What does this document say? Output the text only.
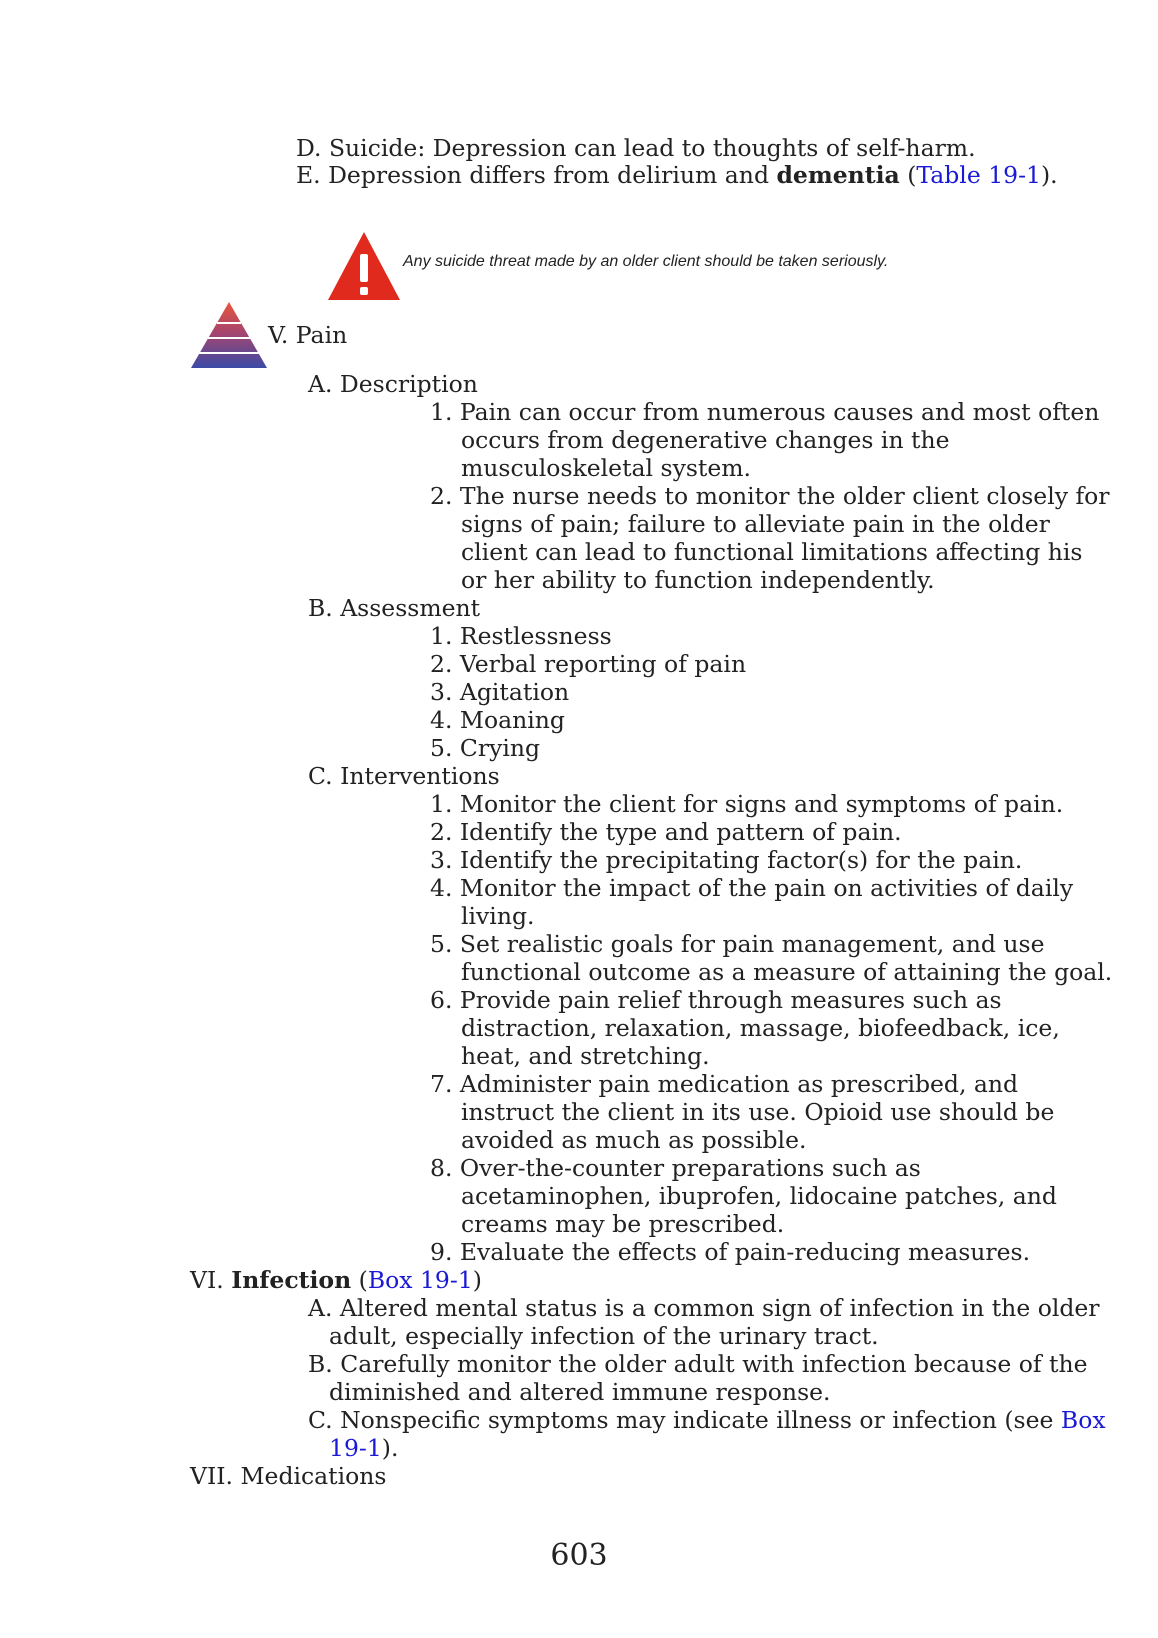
D. Suicide: Depression can lead to thoughts of self-harm.
E. Depression differs from delirium and dementia (Table 19-1).
Any suicide threat made by an older client should be taken seriously.
V. Pain
A. Description
1. Pain can occur from numerous causes and most often
occurs from degenerative changes in the
musculoskeletal system.
2. The nurse needs to monitor the older client closely for
signs of pain; failure to alleviate pain in the older
client can lead to functional limitations affecting his
or her ability to function independently.
B. Assessment
1. Restlessness
2. Verbal reporting of pain
3. Agitation
4. Moaning
5. Crying
C. Interventions
1. Monitor the client for signs and symptoms of pain.
2. Identify the type and pattern of pain.
3. Identify the precipitating factor(s) for the pain.
4. Monitor the impact of the pain on activities of daily
living.
5. Set realistic goals for pain management, and use
functional outcome as a measure of attaining the goal.
6. Provide pain relief through measures such as
distraction, relaxation, massage, biofeedback, ice,
heat, and stretching.
7. Administer pain medication as prescribed, and
instruct the client in its use. Opioid use should be
avoided as much as possible.
8. Over-the-counter preparations such as
acetaminophen, ibuprofen, lidocaine patches, and
creams may be prescribed.
9. Evaluate the effects of pain-reducing measures.
VI. Infection (Box 19-1)
A. Altered mental status is a common sign of infection in the older
adult, especially infection of the urinary tract.
B. Carefully monitor the older adult with infection because of the
diminished and altered immune response.
C. Nonspecific symptoms may indicate illness or infection (see Box
19-1).
VII. Medications
603
